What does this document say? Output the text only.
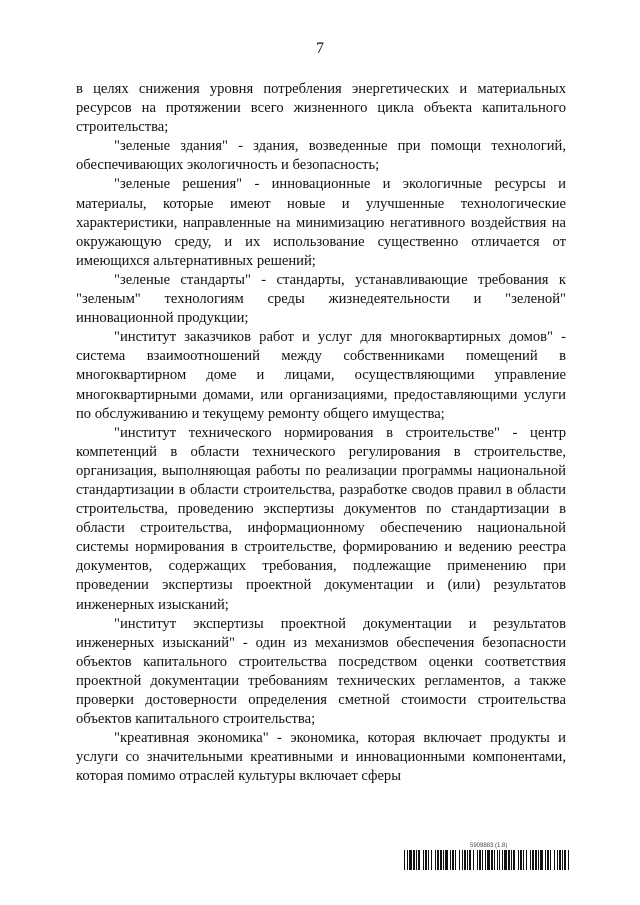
7

в целях снижения уровня потребления энергетических и материальных ресурсов на протяжении всего жизненного цикла объекта капитального строительства;

"зеленые здания" - здания, возведенные при помощи технологий, обеспечивающих экологичность и безопасность;

"зеленые решения" - инновационные и экологичные ресурсы и материалы, которые имеют новые и улучшенные технологические характеристики, направленные на минимизацию негативного воздействия на окружающую среду, и их использование существенно отличается от имеющихся альтернативных решений;

"зеленые стандарты" - стандарты, устанавливающие требования к "зеленым" технологиям среды жизнедеятельности и "зеленой" инновационной продукции;

"институт заказчиков работ и услуг для многоквартирных домов" - система взаимоотношений между собственниками помещений в многоквартирном доме и лицами, осуществляющими управление многоквартирными домами, или организациями, предоставляющими услуги по обслуживанию и текущему ремонту общего имущества;

"институт технического нормирования в строительстве" - центр компетенций в области технического регулирования в строительстве, организация, выполняющая работы по реализации программы национальной стандартизации в области строительства, разработке сводов правил в области строительства, проведению экспертизы документов по стандартизации в области строительства, информационному обеспечению национальной системы нормирования в строительстве, формированию и ведению реестра документов, содержащих требования, подлежащие применению при проведении экспертизы проектной документации и (или) результатов инженерных изысканий;

"институт экспертизы проектной документации и результатов инженерных изысканий" - один из механизмов обеспечения безопасности объектов капитального строительства посредством оценки соответствия проектной документации требованиям технических регламентов, а также проверки достоверности определения сметной стоимости строительства объектов капитального строительства;

"креативная экономика" - экономика, которая включает продукты и услуги со значительными креативными и инновационными компонентами, которая помимо отраслей культуры включает сферы

5909883 (1.8)
